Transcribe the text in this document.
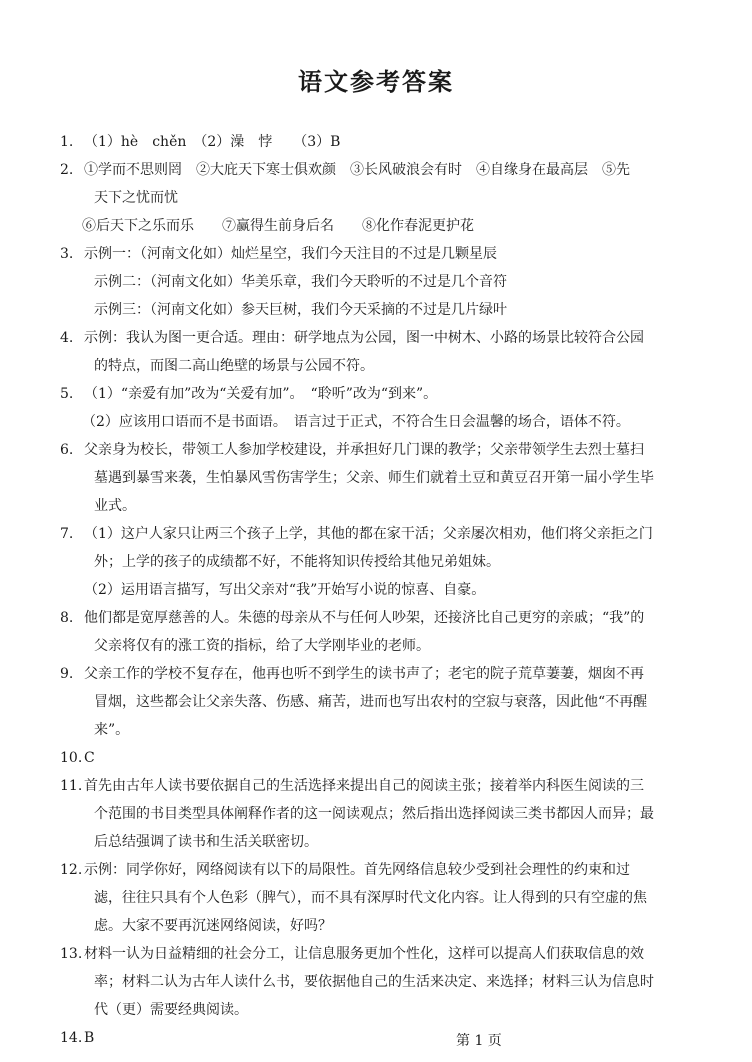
语文参考答案
1. （1）hè　chěn　（2）澡　悖　　（3）B
2. ①学而不思则罔　②大庇天下寒士俱欢颜　③长风破浪会有时　④自缘身在最高层　⑤先
天下之忧而忧
⑥后天下之乐而乐　　⑦赢得生前身后名　　⑧化作春泥更护花
3. 示例一：（河南文化如）灿烂星空，我们今天注目的不过是几颗星辰
示例二：（河南文化如）华美乐章，我们今天聆听的不过是几个音符
示例三：（河南文化如）参天巨树，我们今天采摘的不过是几片绿叶
4. 示例：我认为图一更合适。理由：研学地点为公园，图一中树木、小路的场景比较符合公园
的特点，而图二高山绝壁的场景与公园不符。
5. （1）“亲爱有加”改为“关爱有加”。　“聆听”改为“到来”。
（2）应该用口语而不是书面语。　语言过于正式，不符合生日会温馨的场合，语体不符。
6. 父亲身为校长，带领工人参加学校建设，并承担好几门课的教学；父亲带领学生去烈士墓扫
墓遇到暴雪来袭，生怕暴风雪伤害学生；父亲、师生们就着土豆和黄豆召开第一届小学生毕
业式。
7. （1）这户人家只让两三个孩子上学，其他的都在家干活；父亲屡次相劝，他们将父亲拒之门
外；上学的孩子的成绩都不好，不能将知识传授给其他兄弟姐妹。
（2）运用语言描写，写出父亲对“我”开始写小说的惊喜、自豪。
8. 他们都是宽厚慈善的人。朱德的母亲从不与任何人吵架，还接济比自己更穷的亲戚；“我”的
父亲将仅有的涨工资的指标，给了大学刚毕业的老师。
9. 父亲工作的学校不复存在，他再也听不到学生的读书声了；老宅的院子荒草萋萋，烟囱不再
冒烟，这些都会让父亲失落、伤感、痛苦，进而也写出农村的空寂与衰落，因此他“不再醒
来”。
10. C
11. 首先由古年人读书要依据自己的生活选择来提出自己的阅读主张；接着举内科医生阅读的三
个范围的书目类型具体阐释作者的这一阅读观点；然后指出选择阅读三类书都因人而异；最
后总结强调了读书和生活关联密切。
12. 示例：同学你好，网络阅读有以下的局限性。首先网络信息较少受到社会理性的约束和过
滤，往往只具有个人色彩（脾气），而不具有深厚时代文化内容。让人得到的只有空虚的焦
虑。大家不要再沉迷网络阅读，好吗？
13. 材料一认为日益精细的社会分工，让信息服务更加个性化，这样可以提高人们获取信息的效
率；材料二认为古年人读什么书，要依据他自己的生活来决定、来选择；材料三认为信息时
代（更）需要经典阅读。
14. B	第 1 页
